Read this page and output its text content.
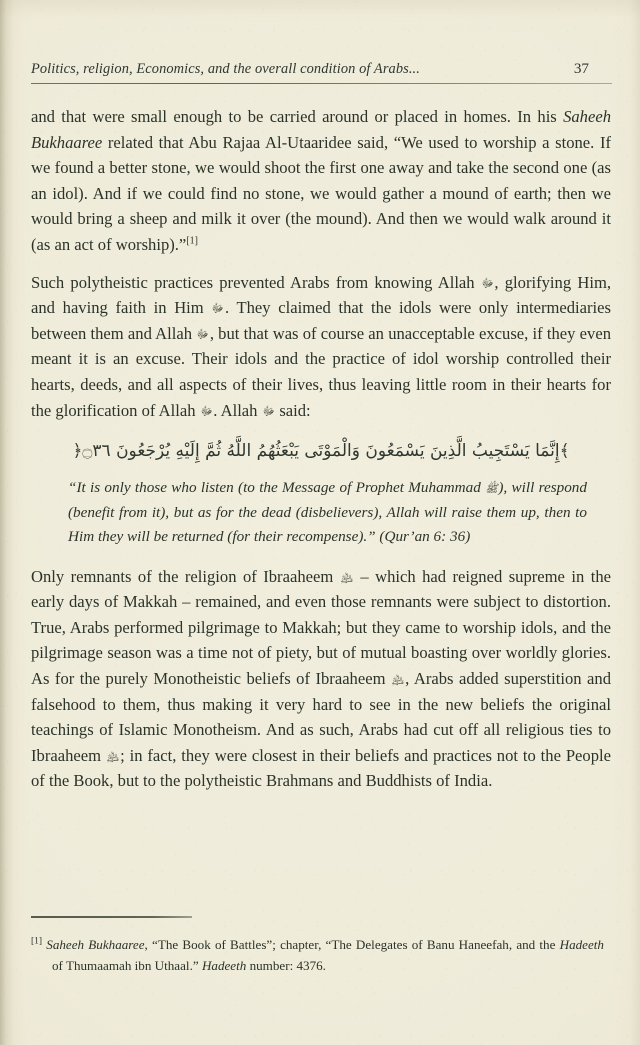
Politics, religion, Economics, and the overall condition of Arabs...	37

and that were small enough to be carried around or placed in homes. In his Saheeh Bukhaaree related that Abu Rajaa Al-Utaaridee said, “We used to worship a stone. If we found a better stone, we would shoot the first one away and take the second one (as an idol). And if we could find no stone, we would gather a mound of earth; then we would bring a sheep and milk it over (the mound). And then we would walk around it (as an act of worship).”[1]

Such polytheistic practices prevented Arabs from knowing Allah ﷻ, glorifying Him, and having faith in Him ﷻ. They claimed that the idols were only intermediaries between them and Allah ﷻ, but that was of course an unacceptable excuse, if they even meant it is an excuse. Their idols and the practice of idol worship controlled their hearts, deeds, and all aspects of their lives, thus leaving little room in their hearts for the glorification of Allah ﷻ. Allah ﷻ said:

﴾إِنَّمَا يَسْتَجِيبُ الَّذِينَ يَسْمَعُونَ وَالْمَوْتَى يَبْعَثُهُمُ اللَّهُ ثُمَّ إِلَيْهِ يُرْجَعُونَ ۝٣٦﴿
“It is only those who listen (to the Message of Prophet Muhammad ﷺ), will respond (benefit from it), but as for the dead (disbelievers), Allah will raise them up, then to Him they will be returned (for their recompense).” (Qur’an 6: 36)

Only remnants of the religion of Ibraaheem ﵇ – which had reigned supreme in the early days of Makkah – remained, and even those remnants were subject to distortion. True, Arabs performed pilgrimage to Makkah; but they came to worship idols, and the pilgrimage season was a time not of piety, but of mutual boasting over worldly glories. As for the purely Monotheistic beliefs of Ibraaheem ﵇, Arabs added superstition and falsehood to them, thus making it very hard to see in the new beliefs the original teachings of Islamic Monotheism. And as such, Arabs had cut off all religious ties to Ibraaheem ﵇; in fact, they were closest in their beliefs and practices not to the People of the Book, but to the polytheistic Brahmans and Buddhists of India.

[1] Saheeh Bukhaaree, “The Book of Battles”; chapter, “The Delegates of Banu Haneefah, and the Hadeeth of Thumaamah ibn Uthaal.” Hadeeth number: 4376.
